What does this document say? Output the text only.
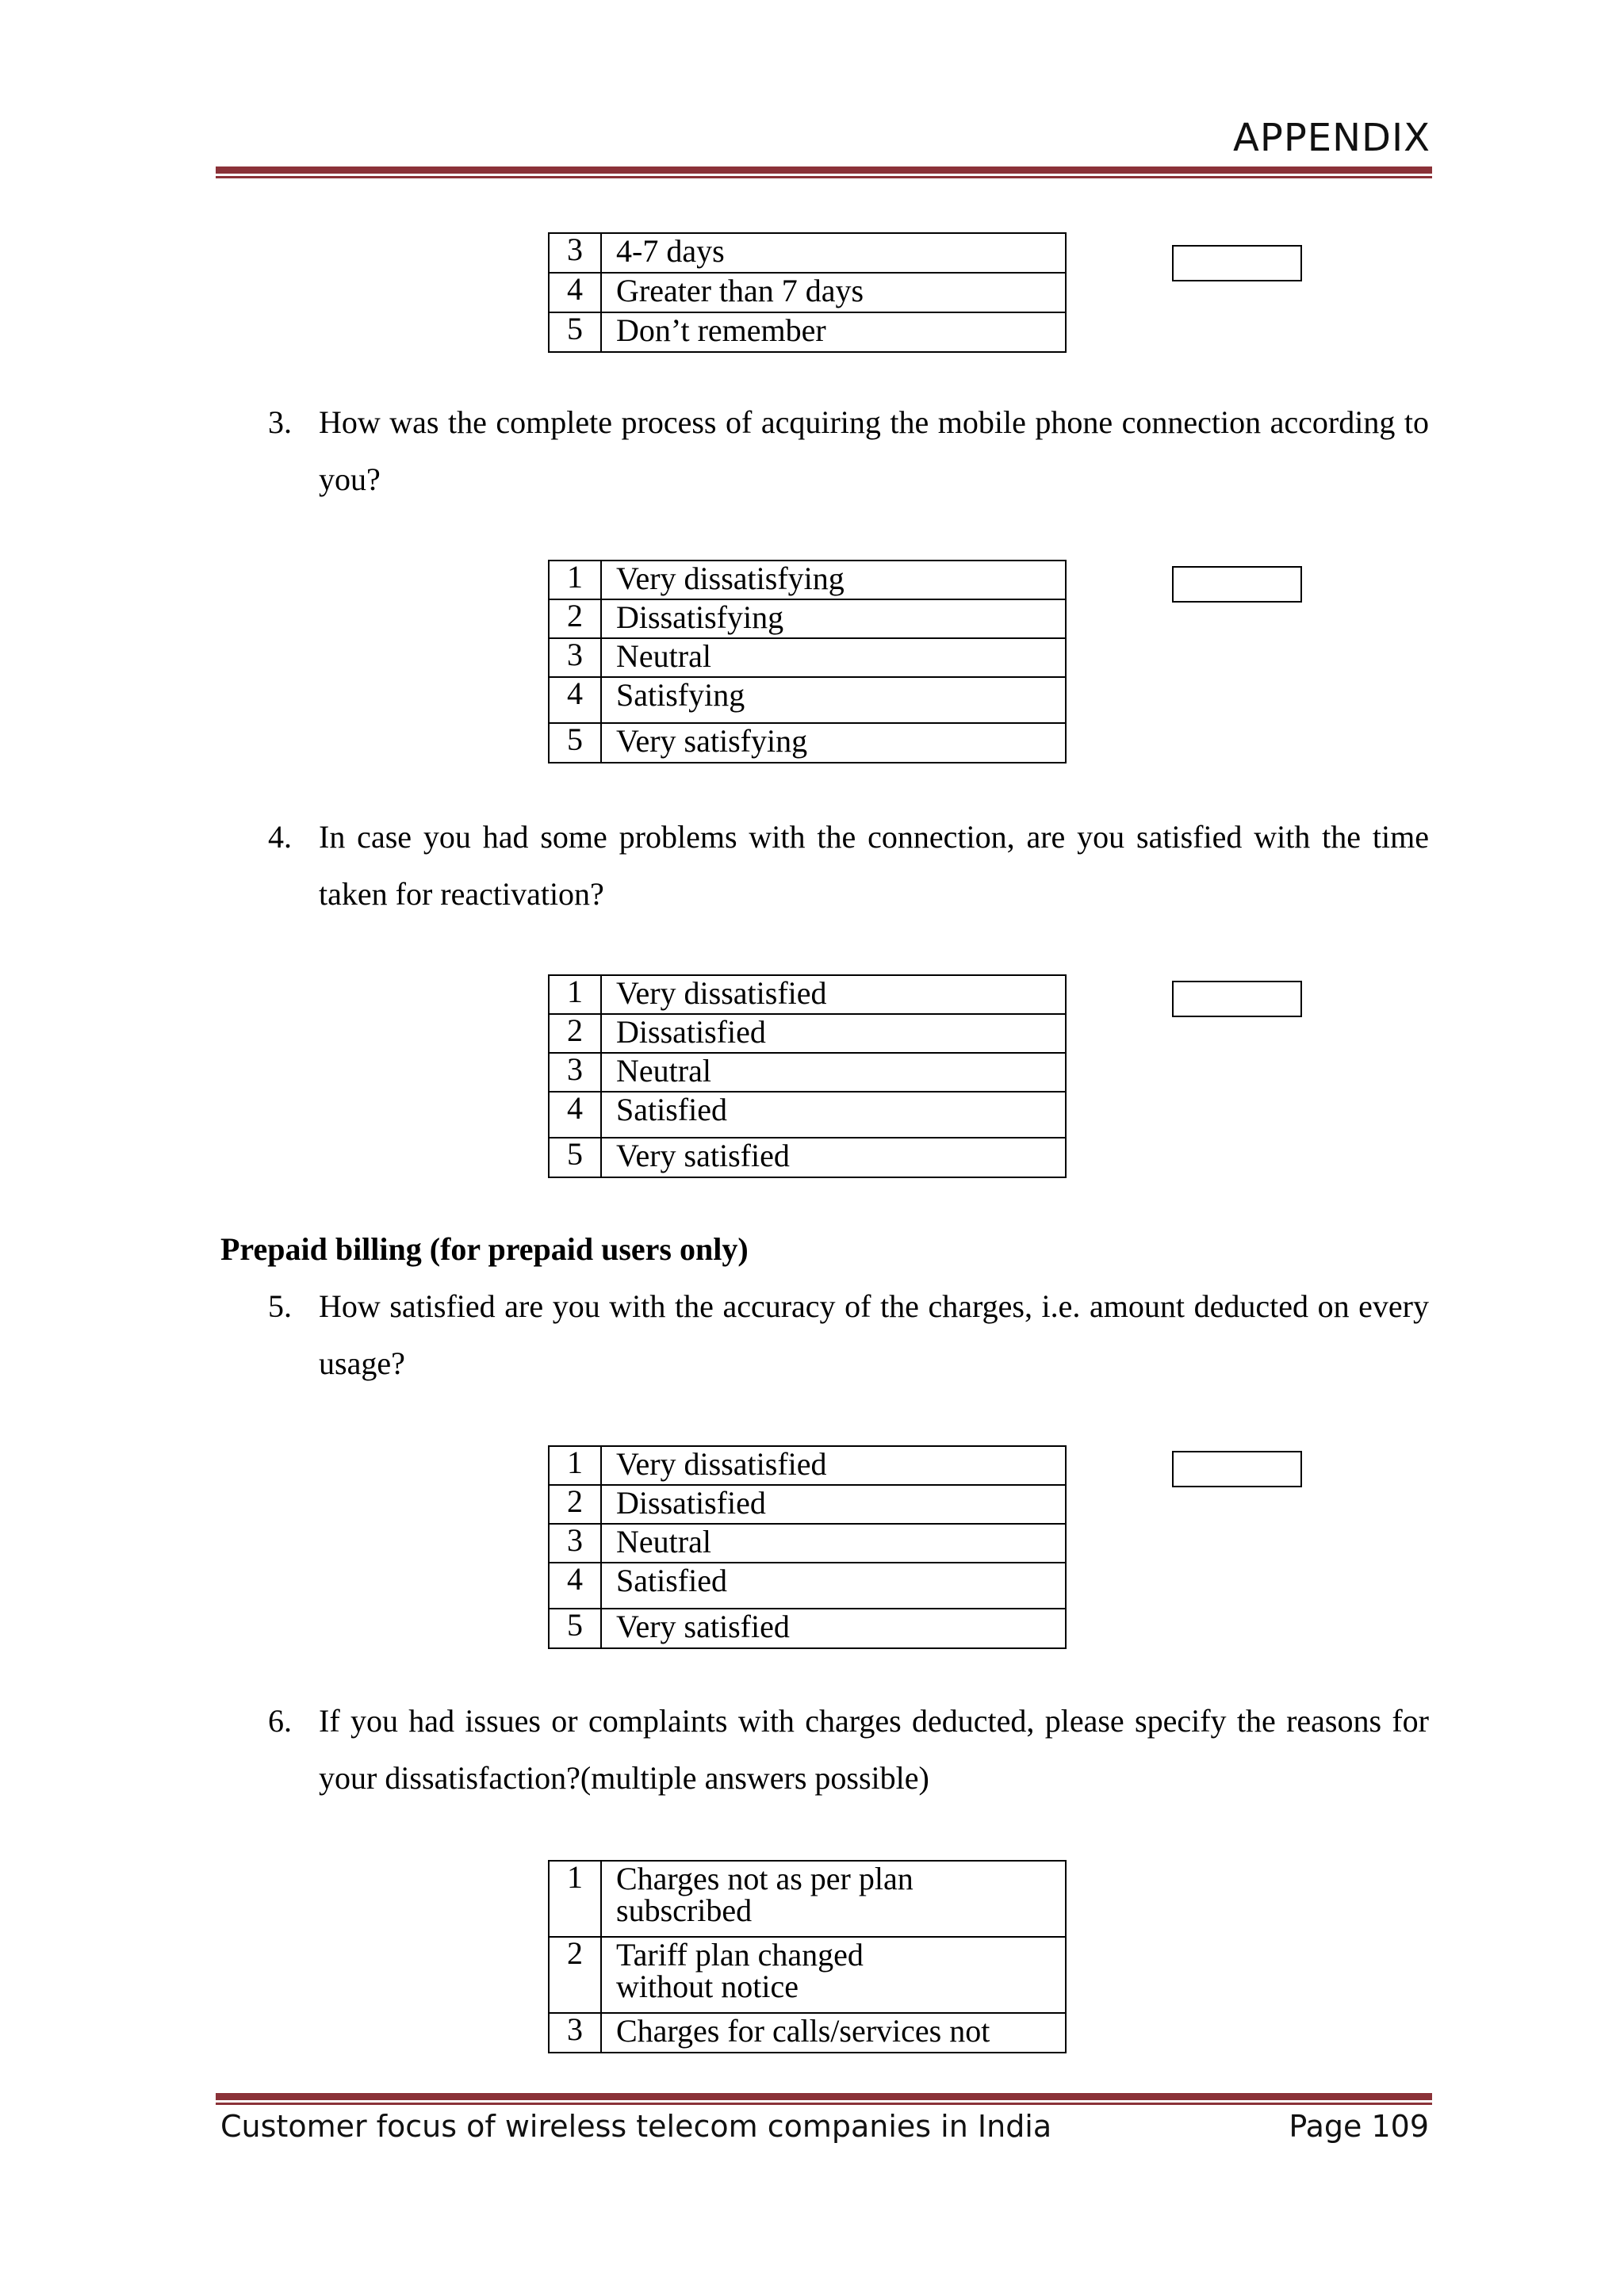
APPENDIX
3	4-7 days
4	Greater than 7 days
5	Don’t remember
3. How was the complete process of acquiring the mobile phone connection according to you?
1	Very dissatisfying
2	Dissatisfying
3	Neutral
4	Satisfying
5	Very satisfying
4. In case you had some problems with the connection, are you satisfied with the time taken for reactivation?
1	Very dissatisfied
2	Dissatisfied
3	Neutral
4	Satisfied
5	Very satisfied
Prepaid billing (for prepaid users only)
5. How satisfied are you with the accuracy of the charges, i.e. amount deducted on every usage?
1	Very dissatisfied
2	Dissatisfied
3	Neutral
4	Satisfied
5	Very satisfied
6. If you had issues or complaints with charges deducted, please specify the reasons for your dissatisfaction?(multiple answers possible)
1	Charges not as per plan subscribed
2	Tariff plan changed without notice
3	Charges for calls/services not
Customer focus of wireless telecom companies in India	Page 109
